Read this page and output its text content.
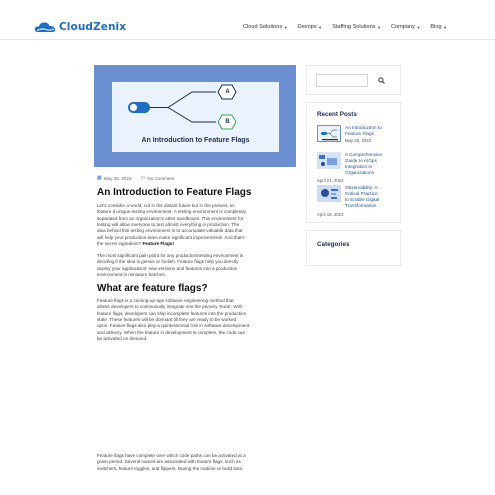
CloudZenix	Cloud Solutions ▼ Devops ▼ Staffing Solutions ▼ Company ▼ Blog ▼
A
B
An Introduction to Feature Flags
▦ May 25, 2023 ▭ No Comment
An Introduction to Feature Flags
Let's consider a world, not in the distant future but in the present, to
feature a unique testing environment. A testing environment is completely
separated from an organization's other sandboxes. This environment for
testing will allow everyone to test almost everything in production. The
idea behind this testing environment is to accumulate valuable data that
will help your production team make significant improvements. And that's
the secret ingredient? Feature Flags!
The most significant pain point for any production/testing environment is
deciding if the idea is genius or foolish. Feature flags help you directly
deploy your applications' new versions and features into a production
environment in miniature batches.
What are feature flags?
Feature flags is a coming-up-age software engineering method that
allows developers to continuously integrate into the primary 'trunk'. With
feature flags, developers can ship incomplete features into the production
state. These features will be dormant till they are ready to be worked
upon. Feature flags also play a quintessential role in software development
and delivery. When the feature in development is complete, the code can
be activated on demand.
Feature flags have complete over which code paths can be activated at a
given period. Several names are associated with feature flags, such as
switchers, feature toggles, and flippers. During the runtime or build time,
Recent Posts
An Introduction to
Feature Flags
May 25, 2023
A Comprehensive
Guide to AIOps
Integration in
Organizations
April 21, 2023
Observability: A
Critical Practice
to Enable Digital
Transformation
April 19, 2023
Categories
